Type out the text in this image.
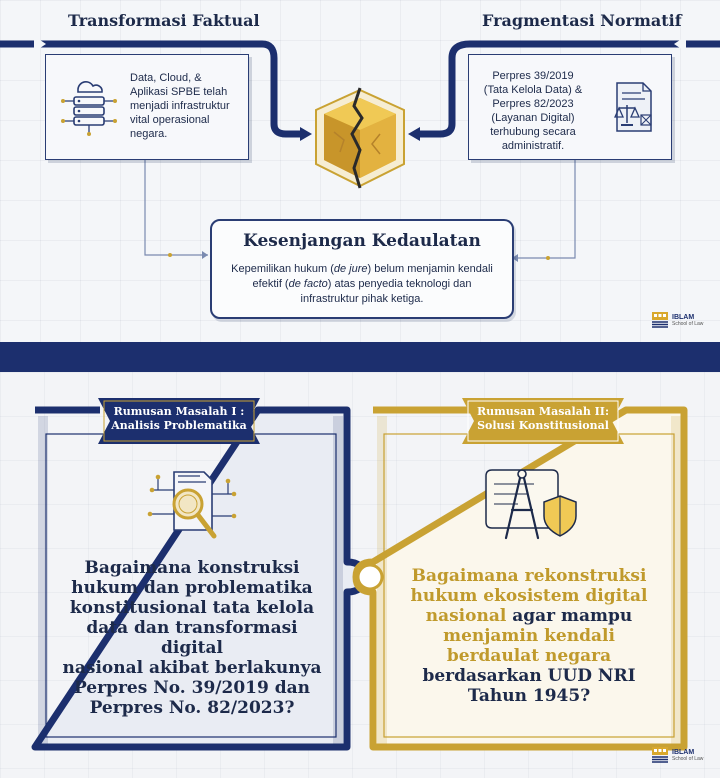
Transformasi Faktual	Fragmentasi Normatif
Data, Cloud, & Aplikasi SPBE telah menjadi infrastruktur vital operasional negara.
Perpres 39/2019 (Tata Kelola Data) & Perpres 82/2023 (Layanan Digital) terhubung secara administratif.
Kesenjangan Kedaulatan
Kepemilikan hukum (de jure) belum menjamin kendali efektif (de facto) atas penyedia teknologi dan infrastruktur pihak ketiga.
IBLAM
School of Law
Rumusan Masalah I :
Analisis Problematika
Rumusan Masalah II:
Solusi Konstitusional
Bagaimana konstruksi
hukum dan problematika
konstitusional tata kelola
data dan transformasi digital
nasional akibat berlakunya
Perpres No. 39/2019 dan
Perpres No. 82/2023?
Bagaimana rekonstruksi
hukum ekosistem digital
nasional agar mampu
menjamin kendali
berdaulat negara
berdasarkan UUD NRI
Tahun 1945?
IBLAM
School of Law
